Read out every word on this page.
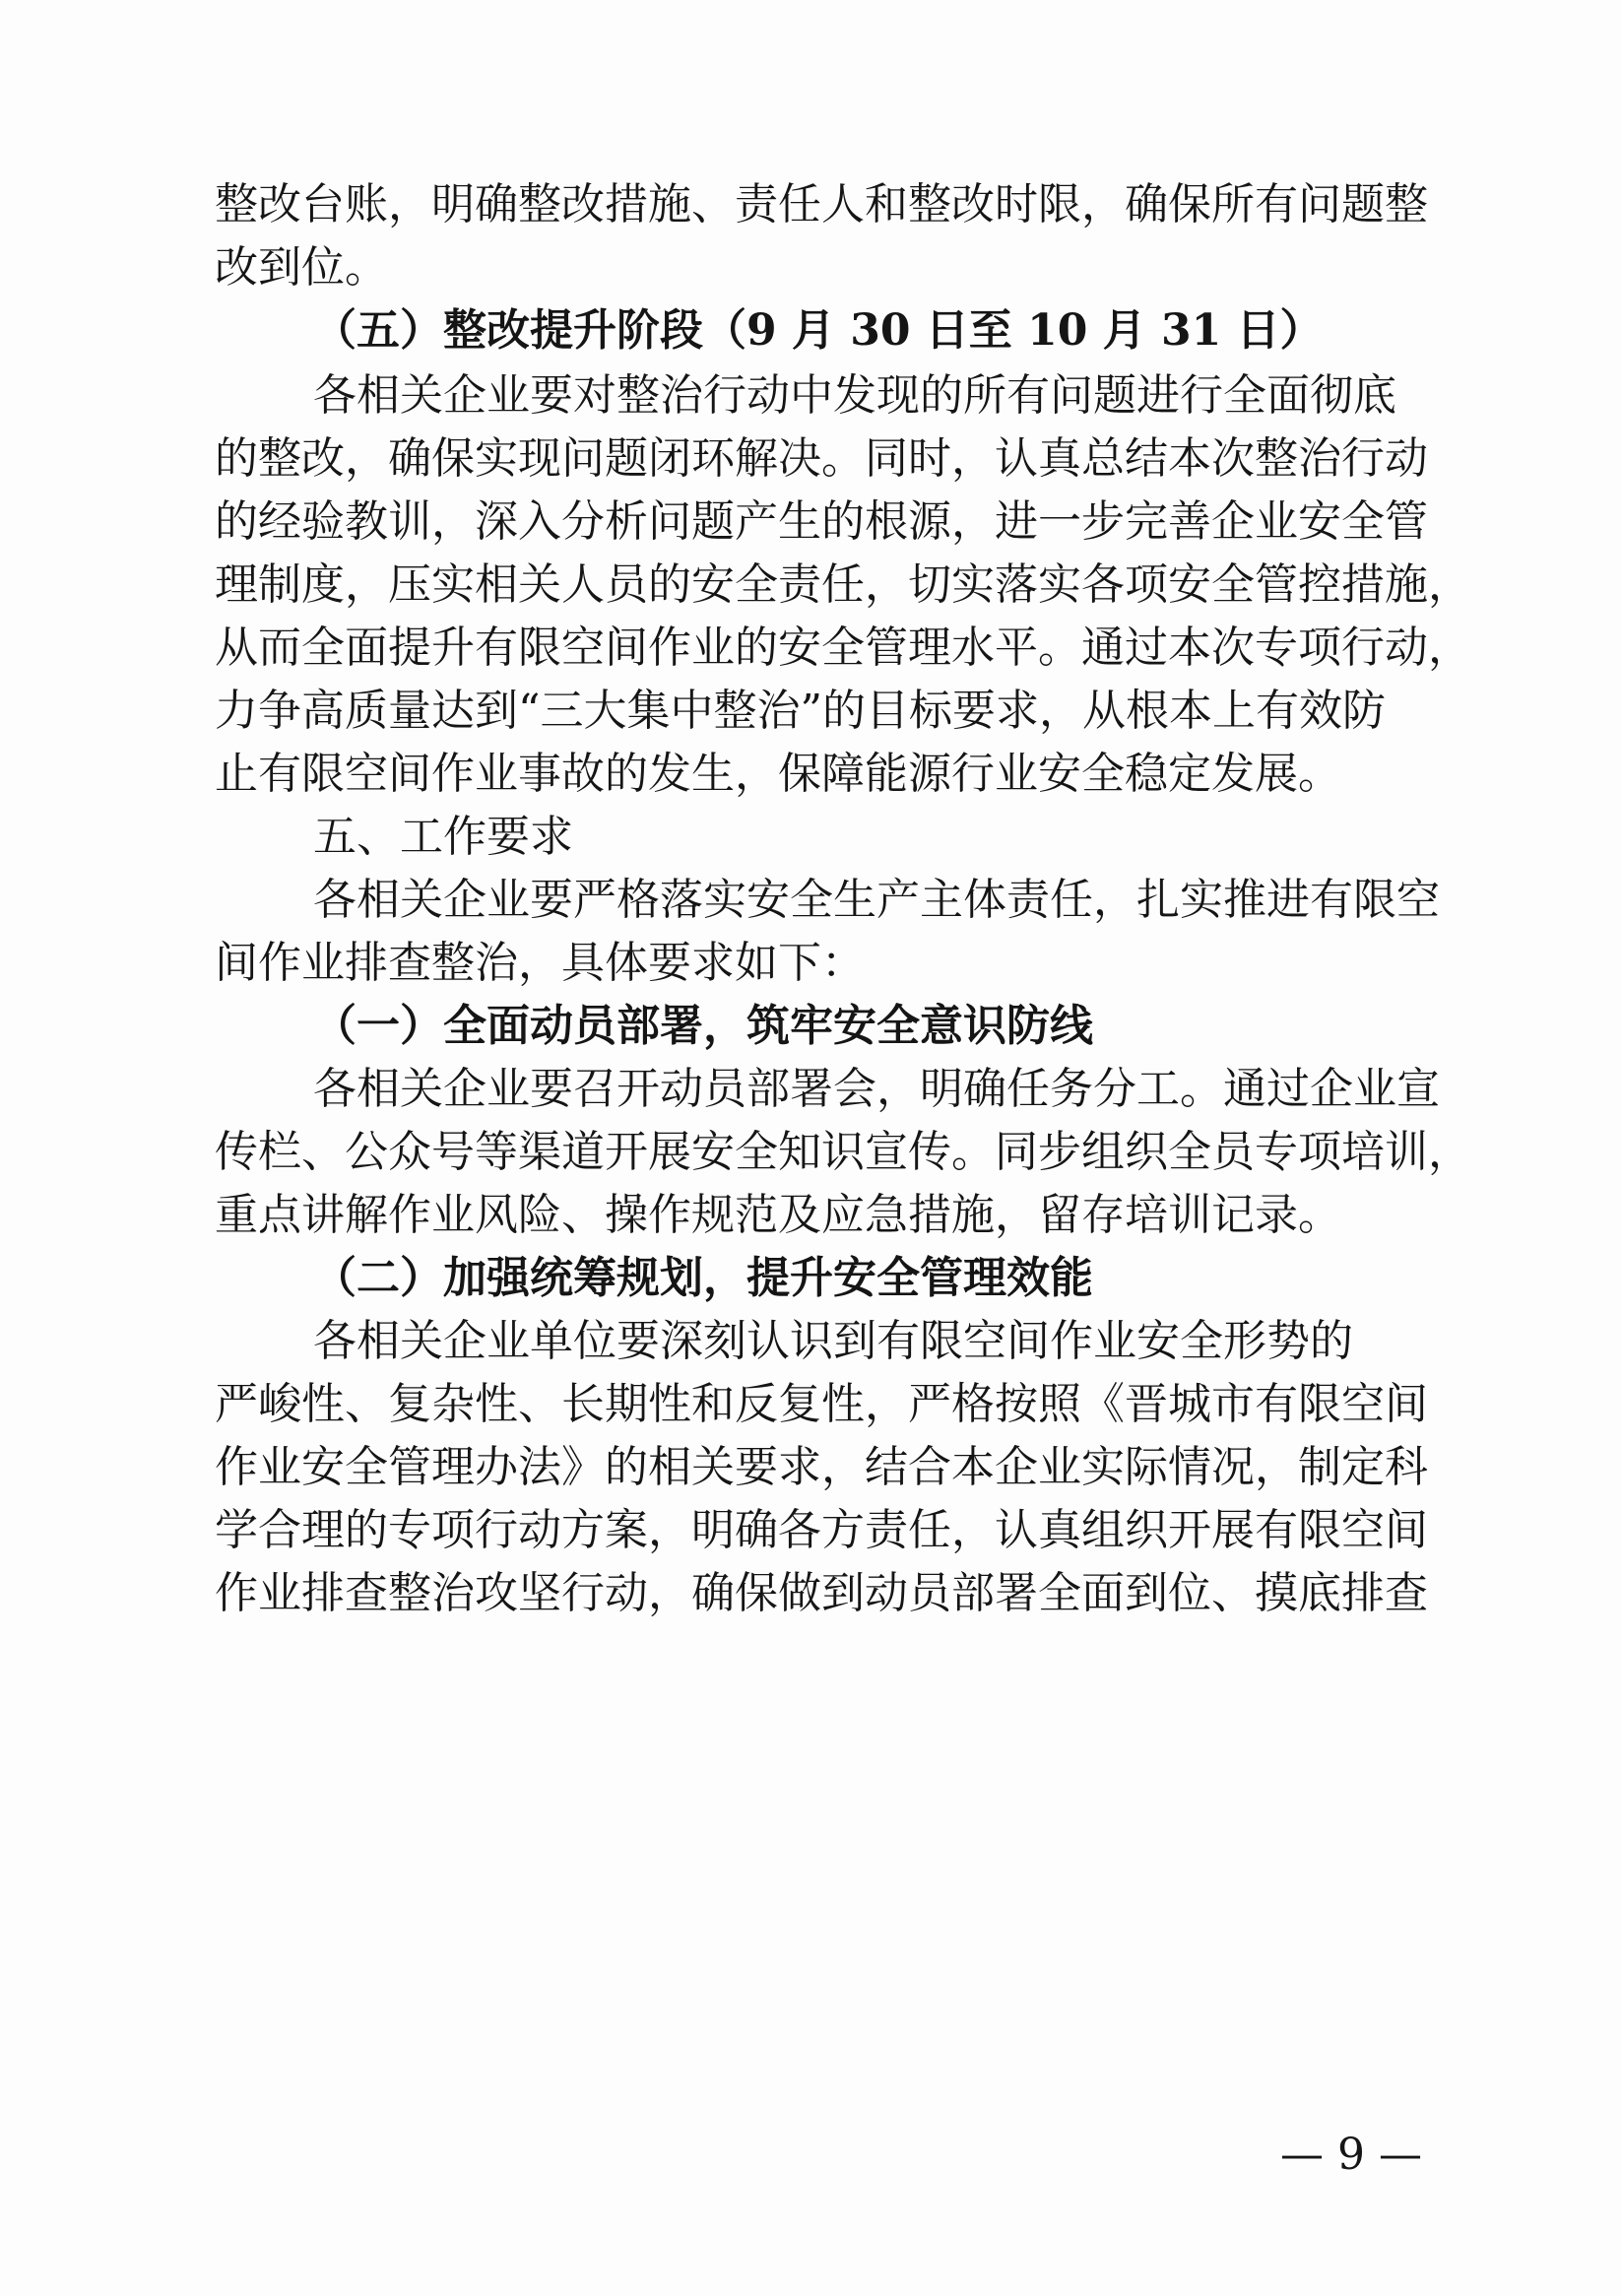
整改台账，明确整改措施、责任人和整改时限，确保所有问题整
改到位。
（五）整改提升阶段（9 月 30 日至 10 月 31 日）
各相关企业要对整治行动中发现的所有问题进行全面彻底
的整改，确保实现问题闭环解决。同时，认真总结本次整治行动
的经验教训，深入分析问题产生的根源，进一步完善企业安全管
理制度，压实相关人员的安全责任，切实落实各项安全管控措施，
从而全面提升有限空间作业的安全管理水平。通过本次专项行动，
力争高质量达到“三大集中整治”的目标要求，从根本上有效防
止有限空间作业事故的发生，保障能源行业安全稳定发展。
五、工作要求
各相关企业要严格落实安全生产主体责任，扎实推进有限空
间作业排查整治，具体要求如下：
（一）全面动员部署，筑牢安全意识防线
各相关企业要召开动员部署会，明确任务分工。通过企业宣
传栏、公众号等渠道开展安全知识宣传。同步组织全员专项培训，
重点讲解作业风险、操作规范及应急措施，留存培训记录。
（二）加强统筹规划，提升安全管理效能
各相关企业单位要深刻认识到有限空间作业安全形势的
严峻性、复杂性、长期性和反复性，严格按照《晋城市有限空间
作业安全管理办法》的相关要求，结合本企业实际情况，制定科
学合理的专项行动方案，明确各方责任，认真组织开展有限空间
作业排查整治攻坚行动，确保做到动员部署全面到位、摸底排查
— 9 —
